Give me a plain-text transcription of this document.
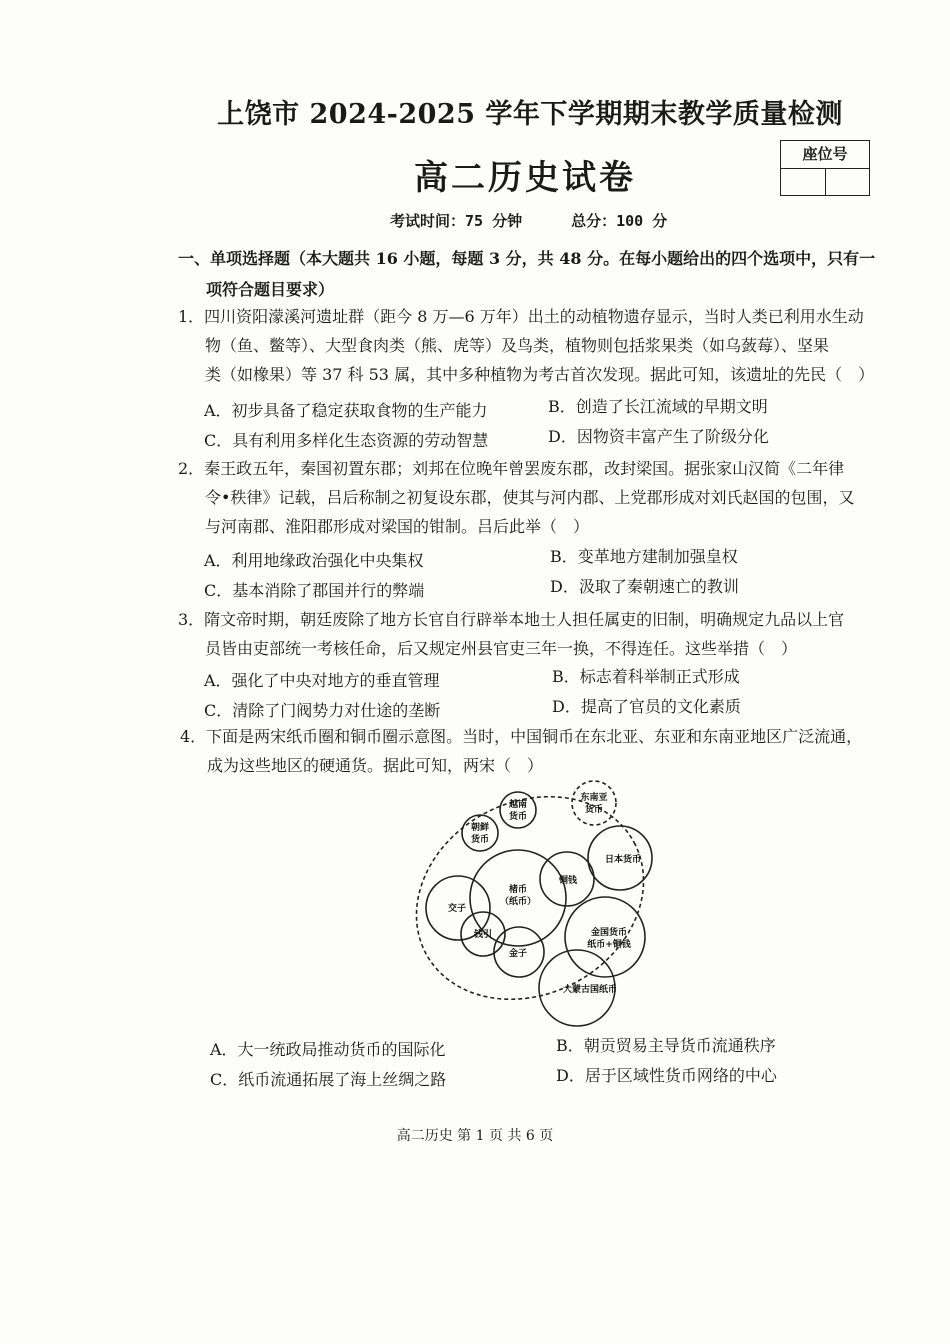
上饶市 2024-2025 学年下学期期末教学质量检测
高二历史试卷
座位号
考试时间：75 分钟	总分：100 分
一、单项选择题（本大题共 16 小题，每题 3 分，共 48 分。在每小题给出的四个选项中，只有一
项符合题目要求）
1．四川资阳濛溪河遗址群（距今 8 万—6 万年）出土的动植物遗存显示，当时人类已利用水生动
物（鱼、鳖等）、大型食肉类（熊、虎等）及鸟类，植物则包括浆果类（如乌蔹莓）、坚果
类（如橡果）等 37 科 53 属，其中多种植物为考古首次发现。据此可知，该遗址的先民（　）
A．初步具备了稳定获取食物的生产能力	B．创造了长江流域的早期文明
C．具有利用多样化生态资源的劳动智慧	D．因物资丰富产生了阶级分化
2．秦王政五年，秦国初置东郡；刘邦在位晚年曾罢废东郡，改封梁国。据张家山汉简《二年律
令•秩律》记载，吕后称制之初复设东郡，使其与河内郡、上党郡形成对刘氏赵国的包围，又
与河南郡、淮阳郡形成对梁国的钳制。吕后此举（　）
A．利用地缘政治强化中央集权	B．变革地方建制加强皇权
C．基本消除了郡国并行的弊端	D．汲取了秦朝速亡的教训
3．隋文帝时期，朝廷废除了地方长官自行辟举本地士人担任属吏的旧制，明确规定九品以上官
员皆由吏部统一考核任命，后又规定州县官吏三年一换，不得连任。这些举措（　）
A．强化了中央对地方的垂直管理	B．标志着科举制正式形成
C．清除了门阀势力对仕途的垄断	D．提高了官员的文化素质
4．下面是两宋纸币圈和铜币圈示意图。当时，中国铜币在东北亚、东亚和东南亚地区广泛流通，
成为这些地区的硬通货。据此可知，两宋（　）
越南
货币
东南亚
货币
朝鲜
货币
日本货币
铜钱
楮币
（纸币）
交子
钱引
金子
金国货币
纸币+铜钱
大蒙古国纸币
A．大一统政局推动货币的国际化	B．朝贡贸易主导货币流通秩序
C．纸币流通拓展了海上丝绸之路	D．居于区域性货币网络的中心
高二历史 第 1 页 共 6 页
